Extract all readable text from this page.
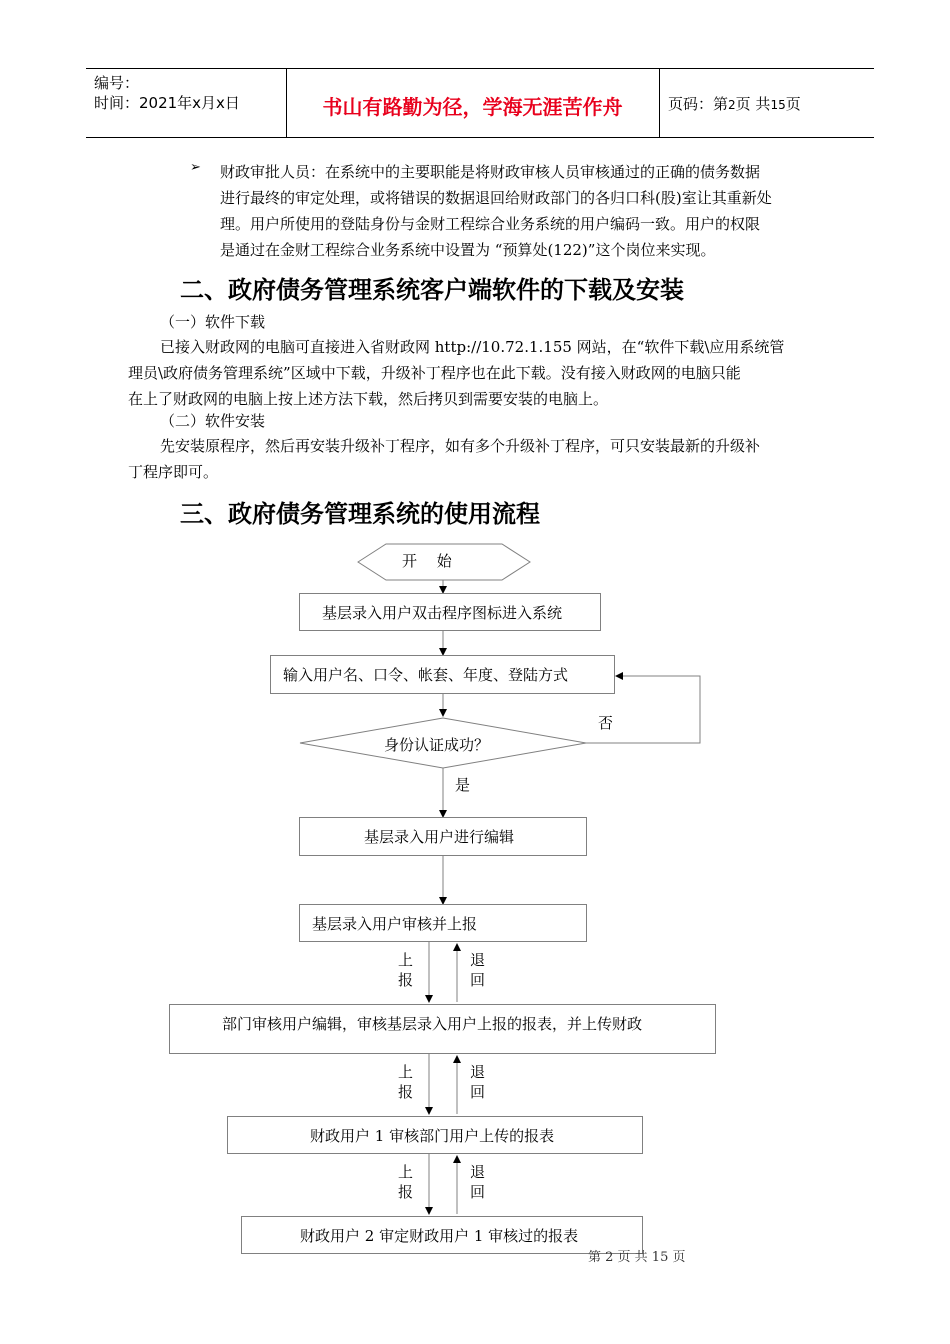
编号：
时间：2021年x月x日	书山有路勤为径，学海无涯苦作舟	页码：第2页 共15页
➢ 财政审批人员：在系统中的主要职能是将财政审核人员审核通过的正确的债务数据
进行最终的审定处理，或将错误的数据退回给财政部门的各归口科(股)室让其重新处
理。用户所使用的登陆身份与金财工程综合业务系统的用户编码一致。用户的权限
是通过在金财工程综合业务系统中设置为 “预算处(122)”这个岗位来实现。
二、政府债务管理系统客户端软件的下载及安装
（一）软件下载
已接入财政网的电脑可直接进入省财政网 http://10.72.1.155 网站，在“软件下载\应用系统管
理员\政府债务管理系统”区域中下载，升级补丁程序也在此下载。没有接入财政网的电脑只能
在上了财政网的电脑上按上述方法下载，然后拷贝到需要安装的电脑上。
（二）软件安装
先安装原程序，然后再安装升级补丁程序，如有多个升级补丁程序，可只安装最新的升级补
丁程序即可。
三、政府债务管理系统的使用流程
开　 始
基层录入用户双击程序图标进入系统
输入用户名、口令、帐套、年度、登陆方式
身份认证成功？
否
是
基层录入用户进行编辑
基层录入用户审核并上报
上
报
退
回
部门审核用户编辑，审核基层录入用户上报的报表，并上传财政
上
报
退
回
财政用户 1 审核部门用户上传的报表
上
报
退
回
财政用户 2 审定财政用户 1 审核过的报表
第 2 页 共 15 页
